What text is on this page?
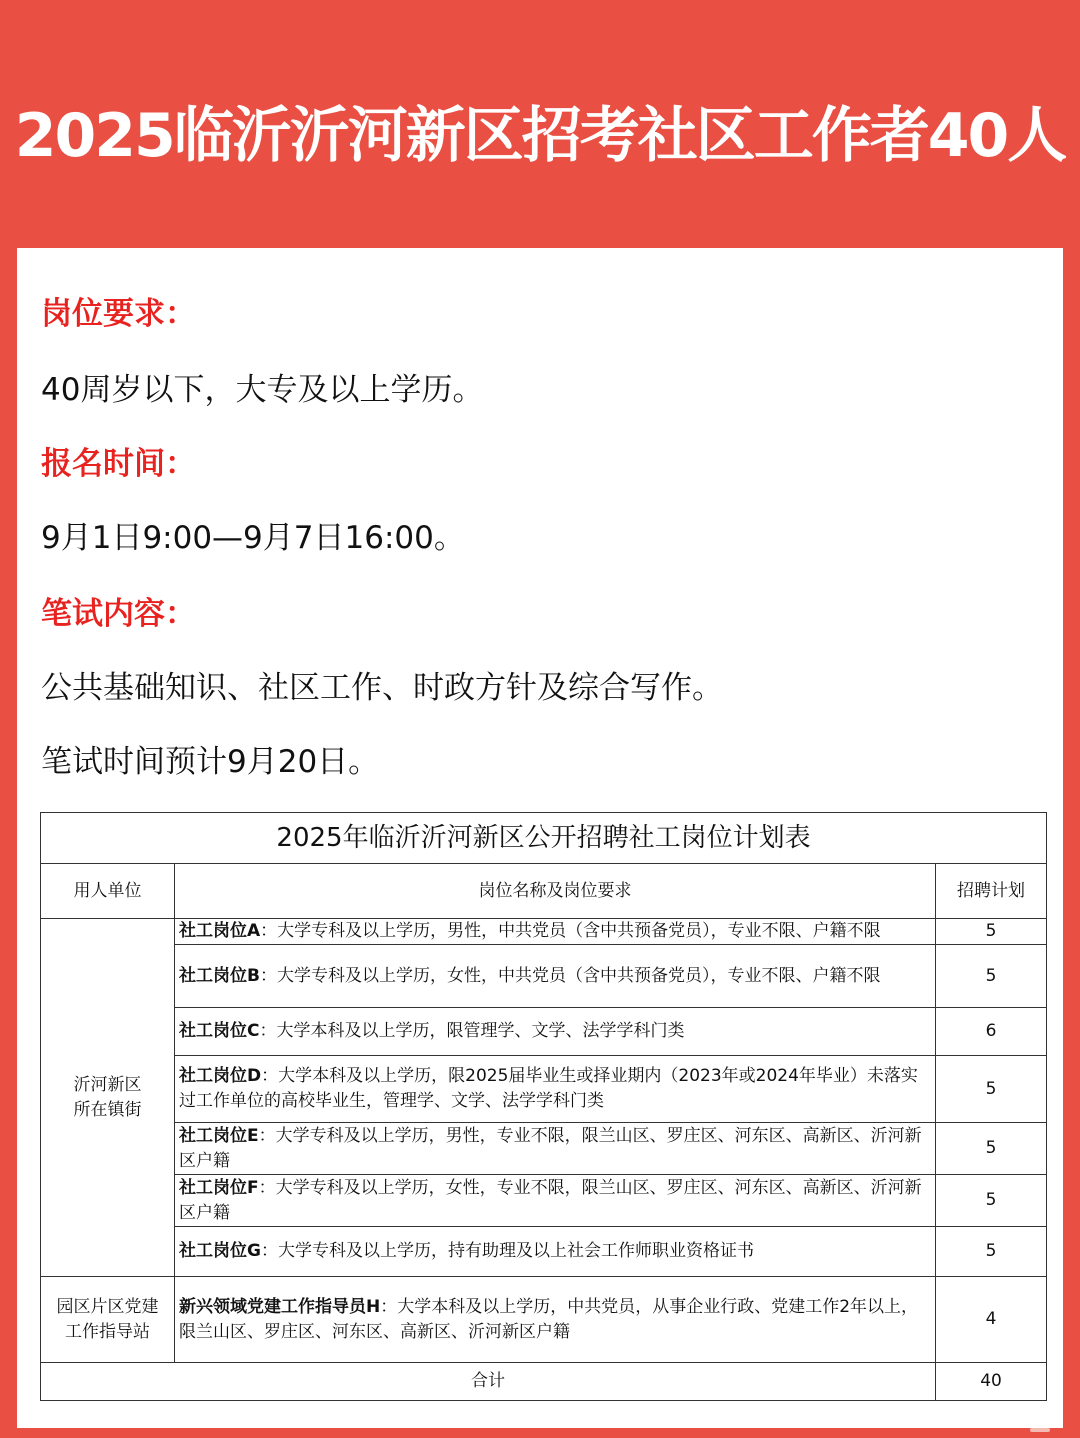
2025临沂沂河新区招考社区工作者40人
岗位要求：
40周岁以下，大专及以上学历。
报名时间：
9月1日9:00—9月7日16:00。
笔试内容：
公共基础知识、社区工作、时政方针及综合写作。
笔试时间预计9月20日。
2025年临沂沂河新区公开招聘社工岗位计划表		
用人单位	岗位名称及岗位要求	招聘计划
沂河新区
所在镇街	社工岗位A：大学专科及以上学历，男性，中共党员（含中共预备党员），专业不限、户籍不限	5
	社工岗位B：大学专科及以上学历，女性，中共党员（含中共预备党员），专业不限、户籍不限	5
	社工岗位C：大学本科及以上学历，限管理学、文学、法学学科门类	6
	社工岗位D：大学本科及以上学历，限2025届毕业生或择业期内（2023年或2024年毕业）未落实过工作单位的高校毕业生，管理学、文学、法学学科门类	5
	社工岗位E：大学专科及以上学历，男性，专业不限，限兰山区、罗庄区、河东区、高新区、沂河新区户籍	5
	社工岗位F：大学专科及以上学历，女性，专业不限，限兰山区、罗庄区、河东区、高新区、沂河新区户籍	5
	社工岗位G：大学专科及以上学历，持有助理及以上社会工作师职业资格证书	5
园区片区党建
工作指导站	新兴领域党建工作指导员H：大学本科及以上学历，中共党员，从事企业行政、党建工作2年以上，限兰山区、罗庄区、河东区、高新区、沂河新区户籍	4
合计		40
